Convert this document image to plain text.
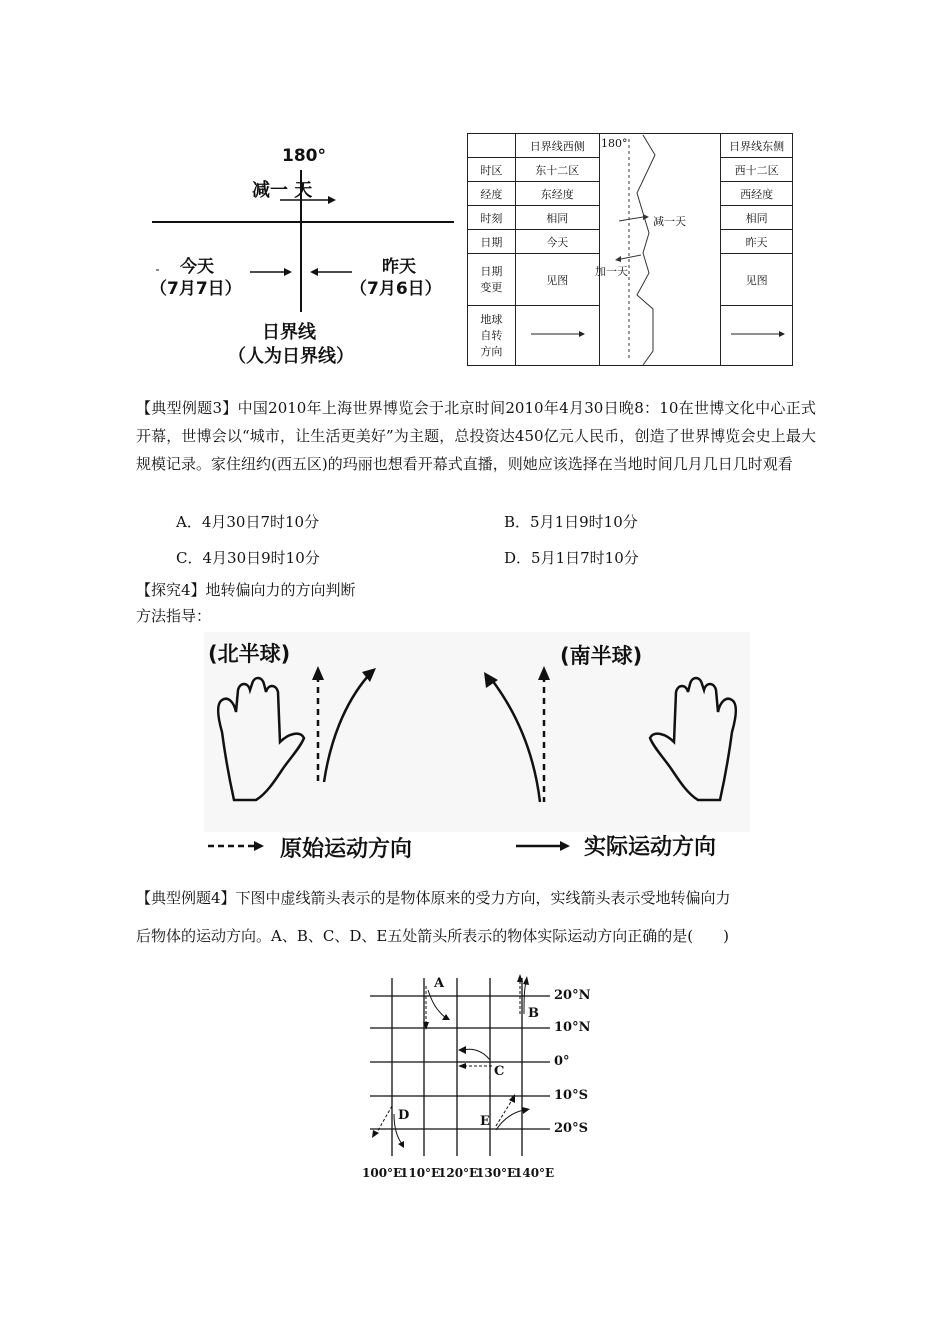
180°
减一 天
今天
（7月7日）
昨天
（7月6日）
日界线
（人为日界线）
	日界线西侧		日界线东侧
时区	东十二区		西十二区
经度	东经度		西经度
时刻	相同		相同
日期	今天		昨天
日期变更	见图		见图
地球自转方向		
180°
减一天
加一天
【典型例题3】中国2010年上海世界博览会于北京时间2010年4月30日晚8：10在世博文化中心正式开幕，世博会以“城市，让生活更美好”为主题，总投资达450亿元人民币，创造了世界博览会史上最大规模记录。家住纽约(西五区)的玛丽也想看开幕式直播，则她应该选择在当地时间几月几日几时观看
A．4月30日7时10分	B．5月1日9时10分
C．4月30日9时10分	D．5月1日7时10分
【探究4】地转偏向力的方向判断
方法指导：
(北半球)	(南半球)
原始运动方向	实际运动方向
【典型例题4】下图中虚线箭头表示的是物体原来的受力方向，实线箭头表示受地转偏向力
后物体的运动方向。A、B、C、D、E五处箭头所表示的物体实际运动方向正确的是(　　)
A
B
C
D	E
20°N
10°N
0°
10°S
20°S
100°E
110°E
120°E
130°E
140°E
